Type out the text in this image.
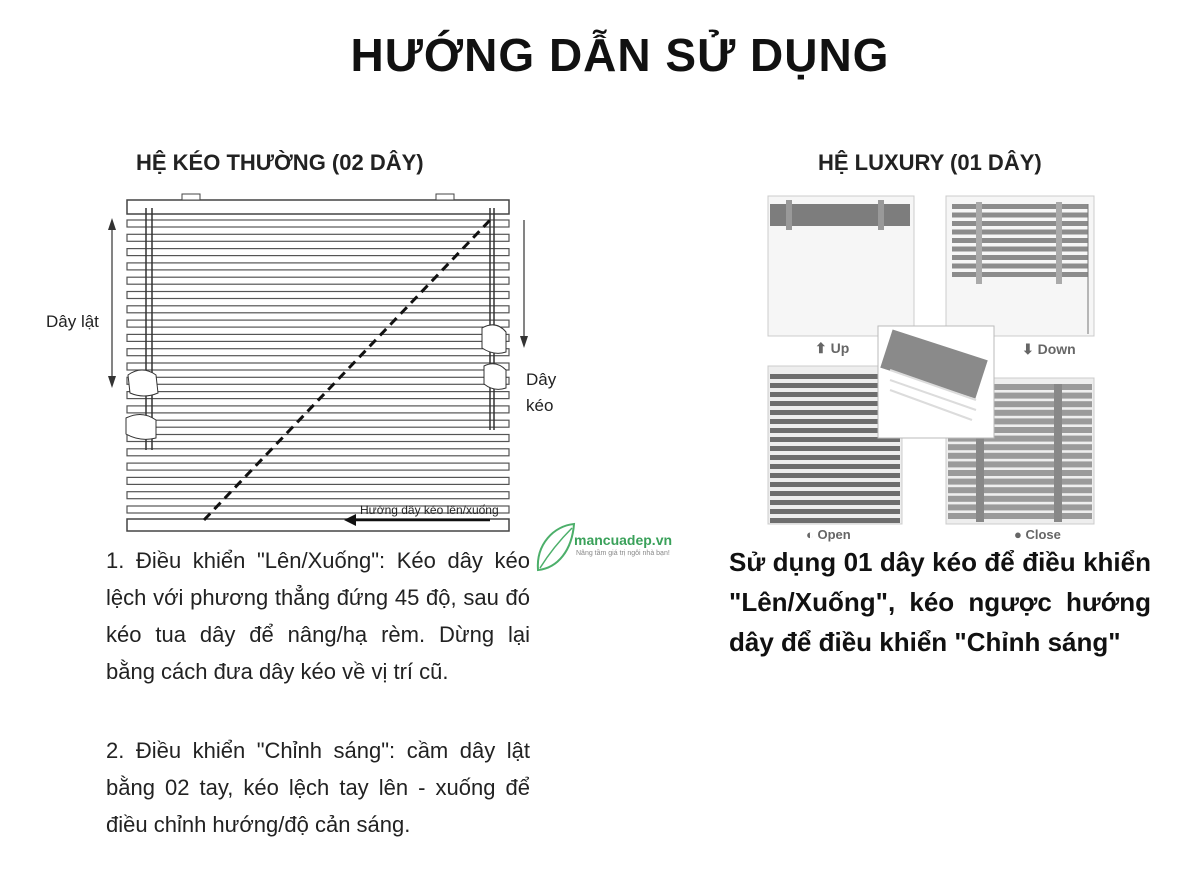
HƯỚNG DẪN SỬ DỤNG
HỆ KÉO THƯỜNG (02 DÂY)
Dây lật
Dây
kéo
Hướng dây kéo lên/xuống
1. Điều khiển "Lên/Xuống": Kéo dây kéo lệch với phương thẳng đứng 45 độ, sau đó kéo tua dây để nâng/hạ rèm. Dừng lại bằng cách đưa dây kéo về vị trí cũ.
2. Điều khiển "Chỉnh sáng": cầm dây lật bằng 02 tay, kéo lệch tay lên - xuống để điều chỉnh hướng/độ cản sáng.
mancuadep.vn
Nâng tầm giá trị ngôi nhà bạn!
HỆ LUXURY (01 DÂY)
⬆ Up	⬇ Down
◐ Open	● Close
Sử dụng 01 dây kéo để điều khiển "Lên/Xuống", kéo ngược hướng dây để điều khiển "Chỉnh sáng"
